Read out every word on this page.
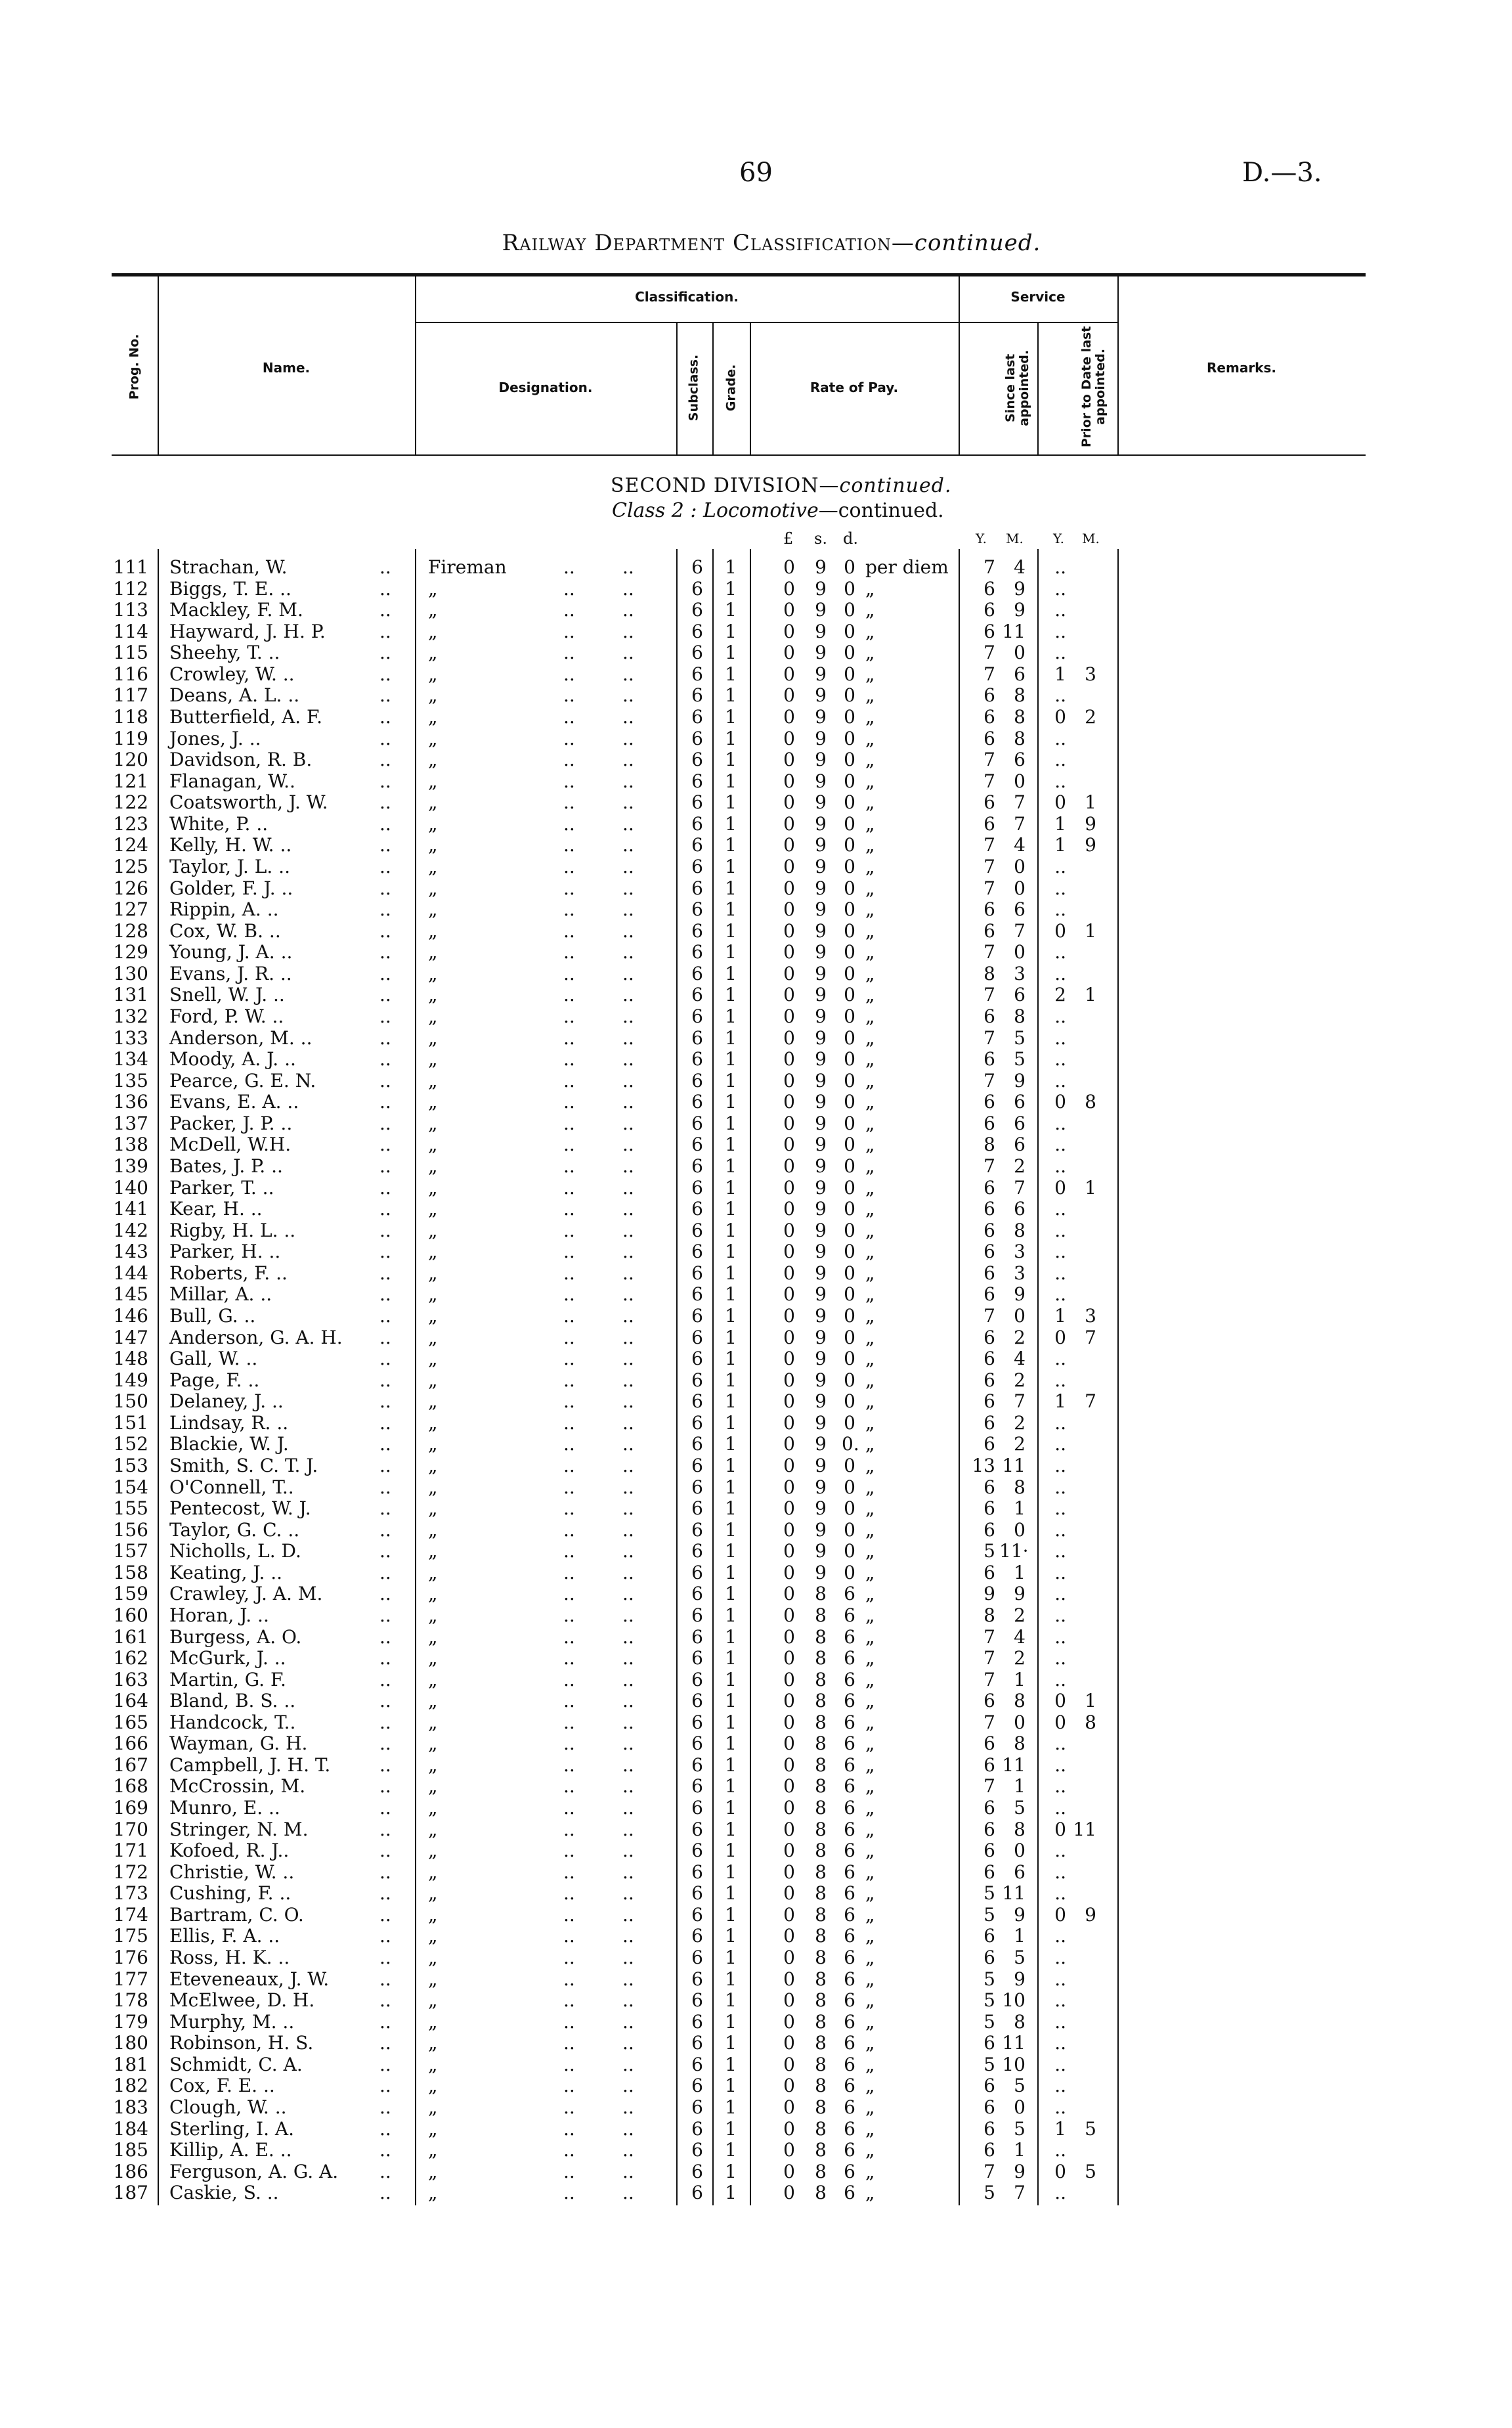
69	D.—3.
Railway Department Classification—continued.
Prog. No.	Name.
Classification.
Designation.	Subclass. Grade.	Rate of Pay.
Service
Since last appointed.	Prior to Date last appointed.	Remarks.
SECOND DIVISION—continued.
Class 2 : Locomotive—continued.
£ s. d.	Y. M. Y. M.
111 Strachan, W.	.. Fireman	..	..	6 1	0 9 0 per diem	7	4	..
112 Biggs, T. E. ..	.. „	..	..	6 1	0 9 0 „	6	9	..
113 Mackley, F. M.	.. „	..	..	6 1	0 9 0 „	6	9	..
114 Hayward, J. H. P.	.. „	..	..	6 1	0 9 0 „	6 11	..
115 Sheehy, T. ..	.. „	..	..	6 1	0 9 0 „	7	0	..
116 Crowley, W. ..	.. „	..	..	6 1	0 9 0 „	7	6	1	3
117 Deans, A. L. ..	.. „	..	..	6 1	0 9 0 „	6	8	..
118 Butterfield, A. F.	.. „	..	..	6 1	0 9 0 „	6	8	0	2
119 Jones, J. ..	.. „	..	..	6 1	0 9 0 „	6	8	..
120 Davidson, R. B.	.. „	..	..	6 1	0 9 0 „	7	6	..
121 Flanagan, W..	.. „	..	..	6 1	0 9 0 „	7	0	..
122 Coatsworth, J. W.	.. „	..	..	6 1	0 9 0 „	6	7	0	1
123 White, P. ..	.. „	..	..	6 1	0 9 0 „	6	7	1	9
124 Kelly, H. W. ..	.. „	..	..	6 1	0 9 0 „	7	4	1	9
125 Taylor, J. L. ..	.. „	..	..	6 1	0 9 0 „	7	0	..
126 Golder, F. J. ..	.. „	..	..	6 1	0 9 0 „	7	0	..
127 Rippin, A. ..	.. „	..	..	6 1	0 9 0 „	6	6	..
128 Cox, W. B. ..	.. „	..	..	6 1	0 9 0 „	6	7	0	1
129 Young, J. A. ..	.. „	..	..	6 1	0 9 0 „	7	0	..
130 Evans, J. R. ..	.. „	..	..	6 1	0 9 0 „	8	3	..
131 Snell, W. J. ..	.. „	..	..	6 1	0 9 0 „	7	6	2	1
132 Ford, P. W. ..	.. „	..	..	6 1	0 9 0 „	6	8	..
133 Anderson, M. ..	.. „	..	..	6 1	0 9 0 „	7	5	..
134 Moody, A. J. ..	.. „	..	..	6 1	0 9 0 „	6	5	..
135 Pearce, G. E. N.	.. „	..	..	6 1	0 9 0 „	7	9	..
136 Evans, E. A. ..	.. „	..	..	6 1	0 9 0 „	6	6	0	8
137 Packer, J. P. ..	.. „	..	..	6 1	0 9 0 „	6	6	..
138 McDell, W.H.	.. „	..	..	6 1	0 9 0 „	8	6	..
139 Bates, J. P. ..	.. „	..	..	6 1	0 9 0 „	7	2	..
140 Parker, T. ..	.. „	..	..	6 1	0 9 0 „	6	7	0	1
141 Kear, H. ..	.. „	..	..	6 1	0 9 0 „	6	6	..
142 Rigby, H. L. ..	.. „	..	..	6 1	0 9 0 „	6	8	..
143 Parker, H. ..	.. „	..	..	6 1	0 9 0 „	6	3	..
144 Roberts, F. ..	.. „	..	..	6 1	0 9 0 „	6	3	..
145 Millar, A. ..	.. „	..	..	6 1	0 9 0 „	6	9	..
146 Bull, G. ..	.. „	..	..	6 1	0 9 0 „	7	0	1	3
147 Anderson, G. A. H. .. „	..	..	6 1	0 9 0 „	6	2	0	7
148 Gall, W. ..	.. „	..	..	6 1	0 9 0 „	6	4	..
149 Page, F. ..	.. „	..	..	6 1	0 9 0 „	6	2	..
150 Delaney, J. ..	.. „	..	..	6 1	0 9 0 „	6	7	1	7
151 Lindsay, R. ..	.. „	..	..	6 1	0 9 0 „	6	2	..
152 Blackie, W. J.	.. „	..	..	6 1	0 9 0. „	6	2	..
153 Smith, S. C. T. J.	.. „	..	..	6 1	0 9 0 „	13 11	..
154 O'Connell, T..	.. „	..	..	6 1	0 9 0 „	6	8	..
155 Pentecost, W. J.	.. „	..	..	6 1	0 9 0 „	6	1	..
156 Taylor, G. C. ..	.. „	..	..	6 1	0 9 0 „	6	0	..
157 Nicholls, L. D.	.. „	..	..	6 1	0 9 0 „	5 11·	..
158 Keating, J. ..	.. „	..	..	6 1	0 9 0 „	6	1	..
159 Crawley, J. A. M.	.. „	..	..	6 1	0 8 6 „	9	9	..
160 Horan, J. ..	.. „	..	..	6 1	0 8 6 „	8	2	..
161 Burgess, A. O.	.. „	..	..	6 1	0 8 6 „	7	4	..
162 McGurk, J. ..	.. „	..	..	6 1	0 8 6 „	7	2	..
163 Martin, G. F.	.. „	..	..	6 1	0 8 6 „	7	1	..
164 Bland, B. S. ..	.. „	..	..	6 1	0 8 6 „	6	8	0	1
165 Handcock, T..	.. „	..	..	6 1	0 8 6 „	7	0	0	8
166 Wayman, G. H.	.. „	..	..	6 1	0 8 6 „	6	8	..
167 Campbell, J. H. T.	.. „	..	..	6 1	0 8 6 „	6 11	..
168 McCrossin, M.	.. „	..	..	6 1	0 8 6 „	7	1	..
169 Munro, E. ..	.. „	..	..	6 1	0 8 6 „	6	5	..
170 Stringer, N. M.	.. „	..	..	6 1	0 8 6 „	6	8	0 11
171 Kofoed, R. J..	.. „	..	..	6 1	0 8 6 „	6	0	..
172 Christie, W. ..	.. „	..	..	6 1	0 8 6 „	6	6	..
173 Cushing, F. ..	.. „	..	..	6 1	0 8 6 „	5 11	..
174 Bartram, C. O.	.. „	..	..	6 1	0 8 6 „	5	9	0	9
175 Ellis, F. A. ..	.. „	..	..	6 1	0 8 6 „	6	1	..
176 Ross, H. K. ..	.. „	..	..	6 1	0 8 6 „	6	5	..
177 Eteveneaux, J. W.	.. „	..	..	6 1	0 8 6 „	5	9	..
178 McElwee, D. H.	.. „	..	..	6 1	0 8 6 „	5 10	..
179 Murphy, M. ..	.. „	..	..	6 1	0 8 6 „	5	8	..
180 Robinson, H. S.	.. „	..	..	6 1	0 8 6 „	6 11	..
181 Schmidt, C. A.	.. „	..	..	6 1	0 8 6 „	5 10	..
182 Cox, F. E. ..	.. „	..	..	6 1	0 8 6 „	6	5	..
183 Clough, W. ..	.. „	..	..	6 1	0 8 6 „	6	0	..
184 Sterling, I. A.	.. „	..	..	6 1	0 8 6 „	6	5	1	5
185 Killip, A. E. ..	.. „	..	..	6 1	0 8 6 „	6	1	..
186 Ferguson, A. G. A. .. „	..	..	6 1	0 8 6 „	7	9	0	5
187 Caskie, S. ..	.. „	..	..	6 1	0 8 6 „	5	7	..
